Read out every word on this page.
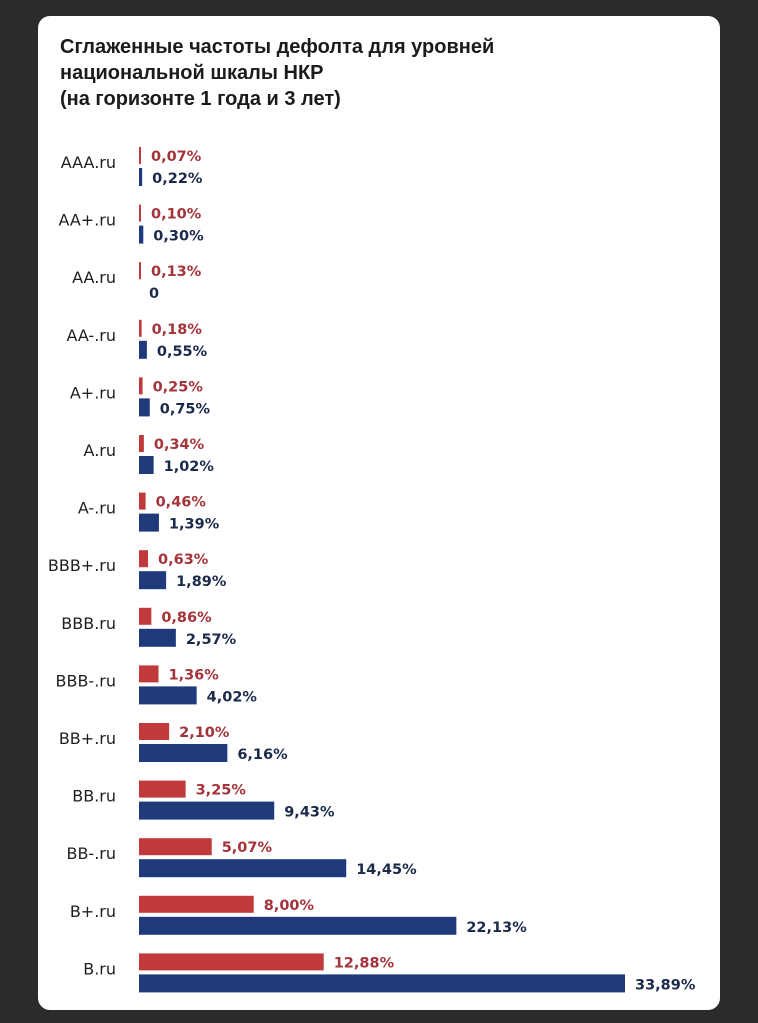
Сглаженные частоты дефолта для уровней
национальной шкалы НКР
(на горизонте 1 года и 3 лет)
AAA.ru 0,07%
0,22%
AA+.ru 0,10%
0,30%
AA.ru 0,13%
0
AA-.ru 0,18%
0,55%
A+.ru	0,25%
0,75%
A.ru	0,34%
1,02%
A-.ru	0,46%
1,39%
BBB+.ru	0,63%
1,89%
BBB.ru	0,86%
2,57%
BBB-.ru	1,36%
4,02%
BB+.ru	2,10%
6,16%
BB.ru	3,25%
9,43%
BB-.ru	5,07%
14,45%
B+.ru	8,00%
22,13%
B.ru	12,88%
33,89%
